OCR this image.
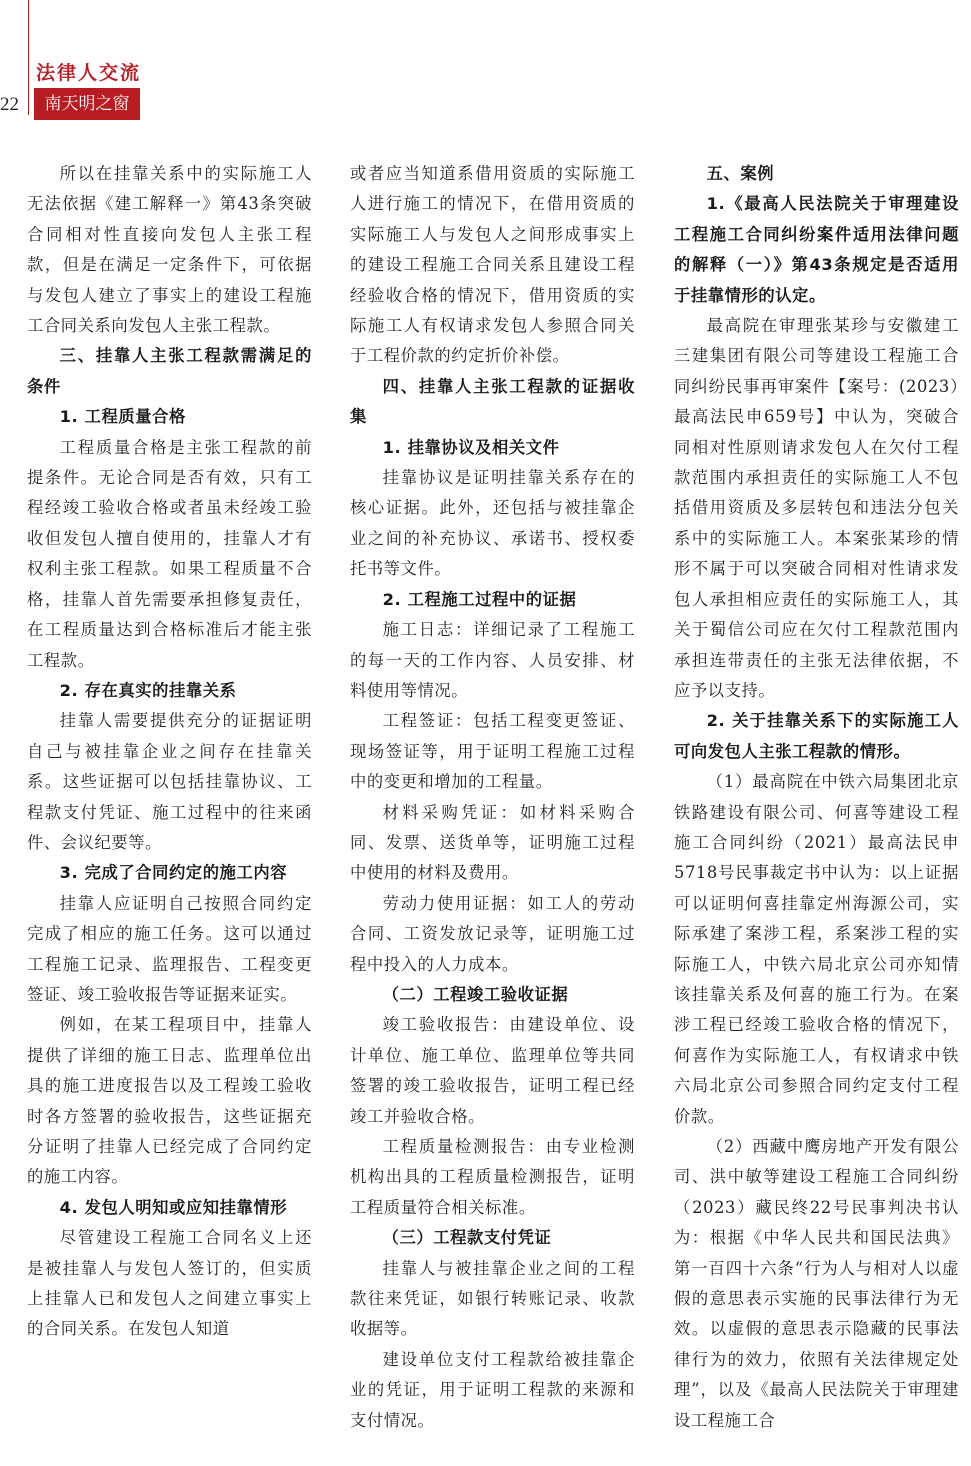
22
法律人交流
南天明之窗

所以在挂靠关系中的实际施工人无法依据《建工解释一》第43条突破合同相对性直接向发包人主张工程款，但是在满足一定条件下，可依据与发包人建立了事实上的建设工程施工合同关系向发包人主张工程款。

三、挂靠人主张工程款需满足的条件

1. 工程质量合格

工程质量合格是主张工程款的前提条件。无论合同是否有效，只有工程经竣工验收合格或者虽未经竣工验收但发包人擅自使用的，挂靠人才有权利主张工程款。如果工程质量不合格，挂靠人首先需要承担修复责任，在工程质量达到合格标准后才能主张工程款。

2. 存在真实的挂靠关系

挂靠人需要提供充分的证据证明自己与被挂靠企业之间存在挂靠关系。这些证据可以包括挂靠协议、工程款支付凭证、施工过程中的往来函件、会议纪要等。

3. 完成了合同约定的施工内容

挂靠人应证明自己按照合同约定完成了相应的施工任务。这可以通过工程施工记录、监理报告、工程变更签证、竣工验收报告等证据来证实。

例如，在某工程项目中，挂靠人提供了详细的施工日志、监理单位出具的施工进度报告以及工程竣工验收时各方签署的验收报告，这些证据充分证明了挂靠人已经完成了合同约定的施工内容。

4. 发包人明知或应知挂靠情形

尽管建设工程施工合同名义上还是被挂靠人与发包人签订的，但实质上挂靠人已和发包人之间建立事实上的合同关系。在发包人知道

或者应当知道系借用资质的实际施工人进行施工的情况下，在借用资质的实际施工人与发包人之间形成事实上的建设工程施工合同关系且建设工程经验收合格的情况下，借用资质的实际施工人有权请求发包人参照合同关于工程价款的约定折价补偿。

四、挂靠人主张工程款的证据收集

1. 挂靠协议及相关文件

挂靠协议是证明挂靠关系存在的核心证据。此外，还包括与被挂靠企业之间的补充协议、承诺书、授权委托书等文件。

2. 工程施工过程中的证据

施工日志：详细记录了工程施工的每一天的工作内容、人员安排、材料使用等情况。

工程签证：包括工程变更签证、现场签证等，用于证明工程施工过程中的变更和增加的工程量。

材料采购凭证：如材料采购合同、发票、送货单等，证明施工过程中使用的材料及费用。

劳动力使用证据：如工人的劳动合同、工资发放记录等，证明施工过程中投入的人力成本。

（二）工程竣工验收证据

竣工验收报告：由建设单位、设计单位、施工单位、监理单位等共同签署的竣工验收报告，证明工程已经竣工并验收合格。

工程质量检测报告：由专业检测机构出具的工程质量检测报告，证明工程质量符合相关标准。

（三）工程款支付凭证

挂靠人与被挂靠企业之间的工程款往来凭证，如银行转账记录、收款收据等。

建设单位支付工程款给被挂靠企业的凭证，用于证明工程款的来源和支付情况。

五、案例

1.《最高人民法院关于审理建设工程施工合同纠纷案件适用法律问题的解释（一）》第43条规定是否适用于挂靠情形的认定。

最高院在审理张某珍与安徽建工三建集团有限公司等建设工程施工合同纠纷民事再审案件【案号：(2023）最高法民申659号】中认为，突破合同相对性原则请求发包人在欠付工程款范围内承担责任的实际施工人不包括借用资质及多层转包和违法分包关系中的实际施工人。本案张某珍的情形不属于可以突破合同相对性请求发包人承担相应责任的实际施工人，其关于蜀信公司应在欠付工程款范围内承担连带责任的主张无法律依据，不应予以支持。

2. 关于挂靠关系下的实际施工人可向发包人主张工程款的情形。

（1）最高院在中铁六局集团北京铁路建设有限公司、何喜等建设工程施工合同纠纷（2021）最高法民申5718号民事裁定书中认为：以上证据可以证明何喜挂靠定州海源公司，实际承建了案涉工程，系案涉工程的实际施工人，中铁六局北京公司亦知情该挂靠关系及何喜的施工行为。在案涉工程已经竣工验收合格的情况下，何喜作为实际施工人，有权请求中铁六局北京公司参照合同约定支付工程价款。

（2）西藏中鹰房地产开发有限公司、洪中敏等建设工程施工合同纠纷（2023）藏民终22号民事判决书认为：根据《中华人民共和国民法典》第一百四十六条“行为人与相对人以虚假的意思表示实施的民事法律行为无效。以虚假的意思表示隐藏的民事法律行为的效力，依照有关法律规定处理”，以及《最高人民法院关于审理建设工程施工合
